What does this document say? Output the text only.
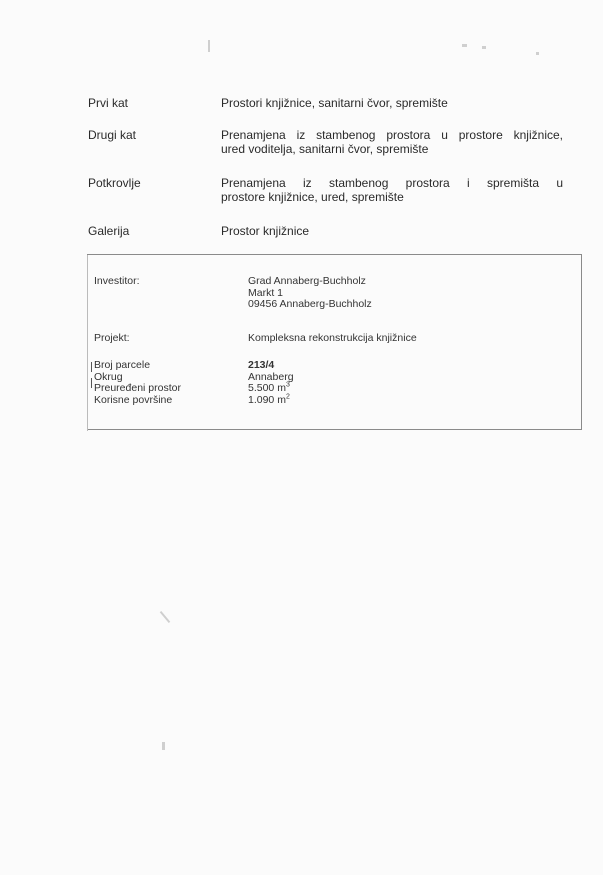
Prvi kat	Prostori knjižnice, sanitarni čvor, spremište
Drugi kat	Prenamjena iz stambenog prostora u prostore knjižnice,
ured voditelja, sanitarni čvor, spremište
Potkrovlje	Prenamjena iz stambenog prostora i spremišta u
prostore knjižnice, ured, spremište
Galerija	Prostor knjižnice
Investitor:	Grad Annaberg-Buchholz
Markt 1
09456 Annaberg-Buchholz
Projekt:	Kompleksna rekonstrukcija knjižnice
Broj parcele	213/4
Okrug	Annaberg
Preuređeni prostor	5.500 $m^3$
Korisne površine	1.090 $m^2$
